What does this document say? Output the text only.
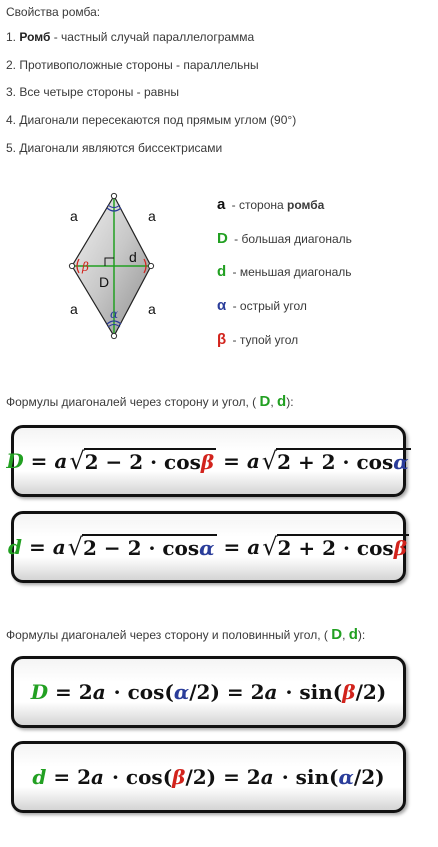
Свойства ромба:
1. Ромб - частный случай параллелограмма
2. Противоположные стороны - параллельны
3. Все четыре стороны - равны
4. Диагонали пересекаются под прямым углом (90°)
5. Диагонали являются биссектрисами
a	a
a	a
D
d
α
β
a - сторона ромба
D - большая диагональ
d - меньшая диагональ
α - острый угол
β - тупой угол
Формулы диагоналей через сторону и угол, ( D, d):
D = a √ 2 − 2 · cosβ = a √ 2 + 2 · cosα
d = a √ 2 − 2 · cosα = a √ 2 + 2 · cosβ
Формулы диагоналей через сторону и половинный угол, ( D, d):
D = 2 a · cos( α /2) = 2 a · sin( β /2)
d = 2 a · cos( β /2) = 2 a · sin( α /2)
